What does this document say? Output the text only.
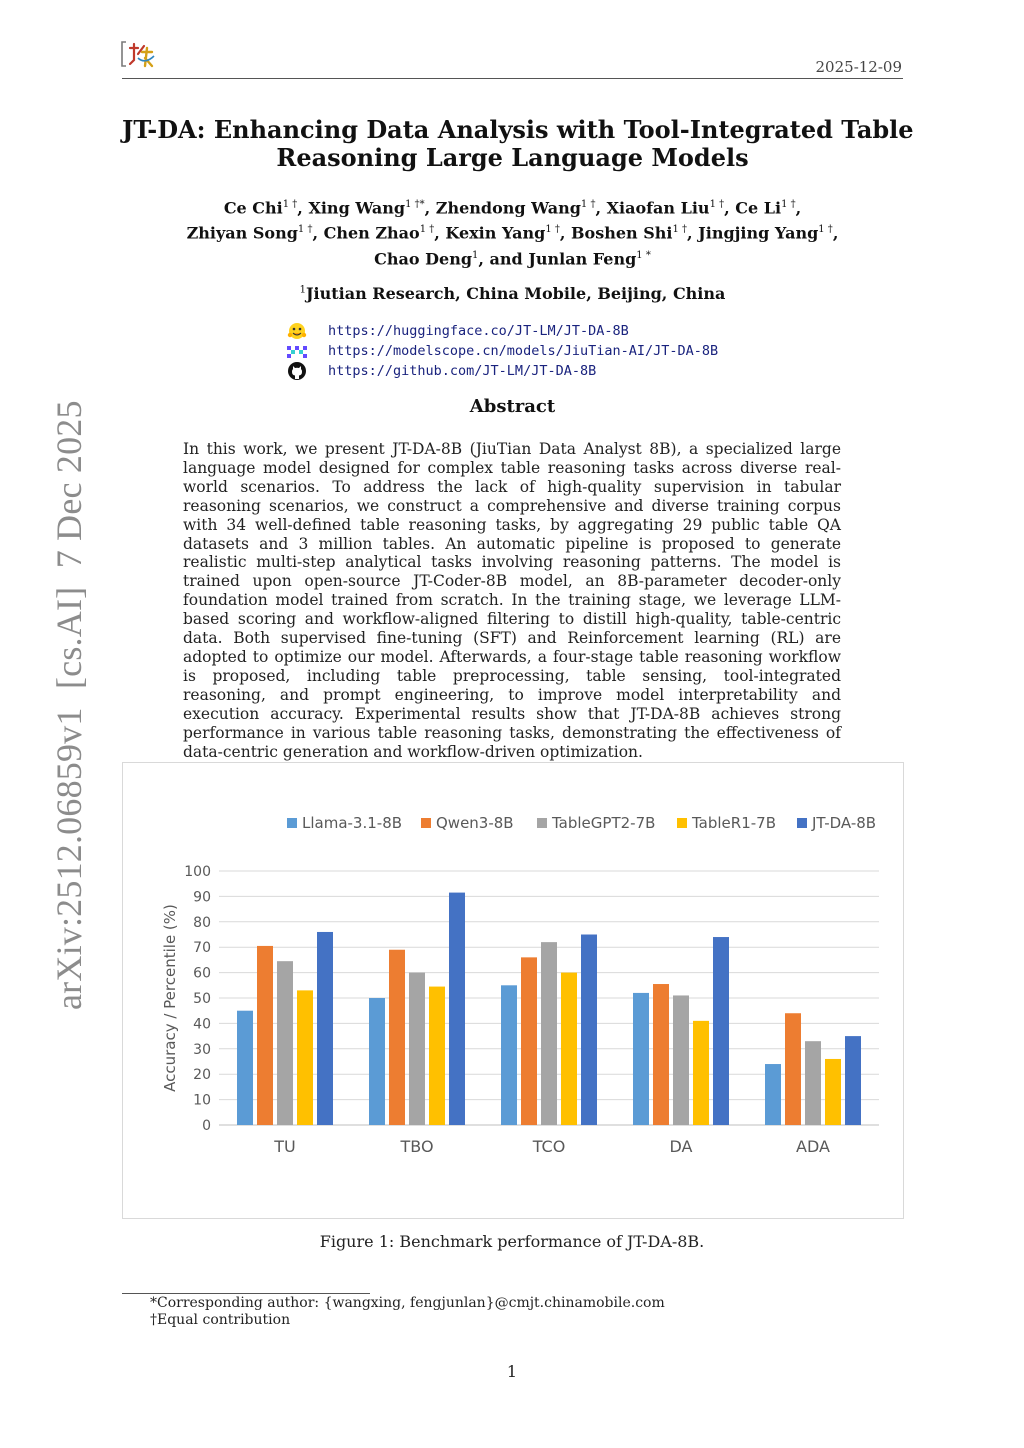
2025-12-09
arXiv:2512.06859v1  [cs.AI]  7 Dec 2025
JT-DA: Enhancing Data Analysis with Tool-Integrated Table
Reasoning Large Language Models
Ce Chi$^{1 \dagger}$, Xing Wang$^{1 \dagger*}$, Zhendong Wang$^{1 \dagger}$, Xiaofan Liu$^{1 \dagger}$, Ce $Li^{1 \dagger}$,
Zhiyan Song$^{1 \dagger}$, Chen Zhao$^{1 \dagger}$, Kexin Yang$^{1 \dagger}$, Boshen Shi$^{1 \dagger}$, Jingjing Yang$^{1 \dagger}$,
Chao Deng$^1$, and Junlan Feng$^{1 *}$
$^1$Jiutian Research, China Mobile, Beijing, China
https://huggingface.co/JT-LM/JT-DA-8B
https://modelscope.cn/models/JiuTian-AI/JT-DA-8B
https://github.com/JT-LM/JT-DA-8B
Abstract
In this work, we present JT-DA-8B (JiuTian Data Analyst 8B), a specialized large language model designed for complex table reasoning tasks across diverse real-world scenarios. To address the lack of high-quality supervision in tabular reasoning scenarios, we construct a comprehensive and diverse training corpus with 34 well-defined table reasoning tasks, by aggregating 29 public table QA datasets and 3 million tables. An automatic pipeline is proposed to generate realistic multi-step analytical tasks involving reasoning patterns. The model is trained upon open-source JT-Coder-8B model, an 8B-parameter decoder-only foundation model trained from scratch. In the training stage, we leverage LLM-based scoring and workflow-aligned filtering to distill high-quality, table-centric data. Both supervised fine-tuning (SFT) and Reinforcement learning (RL) are adopted to optimize our model. Afterwards, a four-stage table reasoning workflow is proposed, including table preprocessing, table sensing, tool-integrated reasoning, and prompt engineering, to improve model interpretability and execution accuracy. Experimental results show that JT-DA-8B achieves strong performance in various table reasoning tasks, demonstrating the effectiveness of data-centric generation and workflow-driven optimization.
0
10
20
30
40
50
60
70
80
90
100
Accuracy / Percentile (%)
TU	TBO	TCO	DA	ADA
Llama-3.1-8B Qwen3-8B	TableGPT2-7B TableR1-7B JT-DA-8B
Figure 1: Benchmark performance of JT-DA-8B.
*Corresponding author: {wangxing, fengjunlan}@cmjt.chinamobile.com
†Equal contribution
1
